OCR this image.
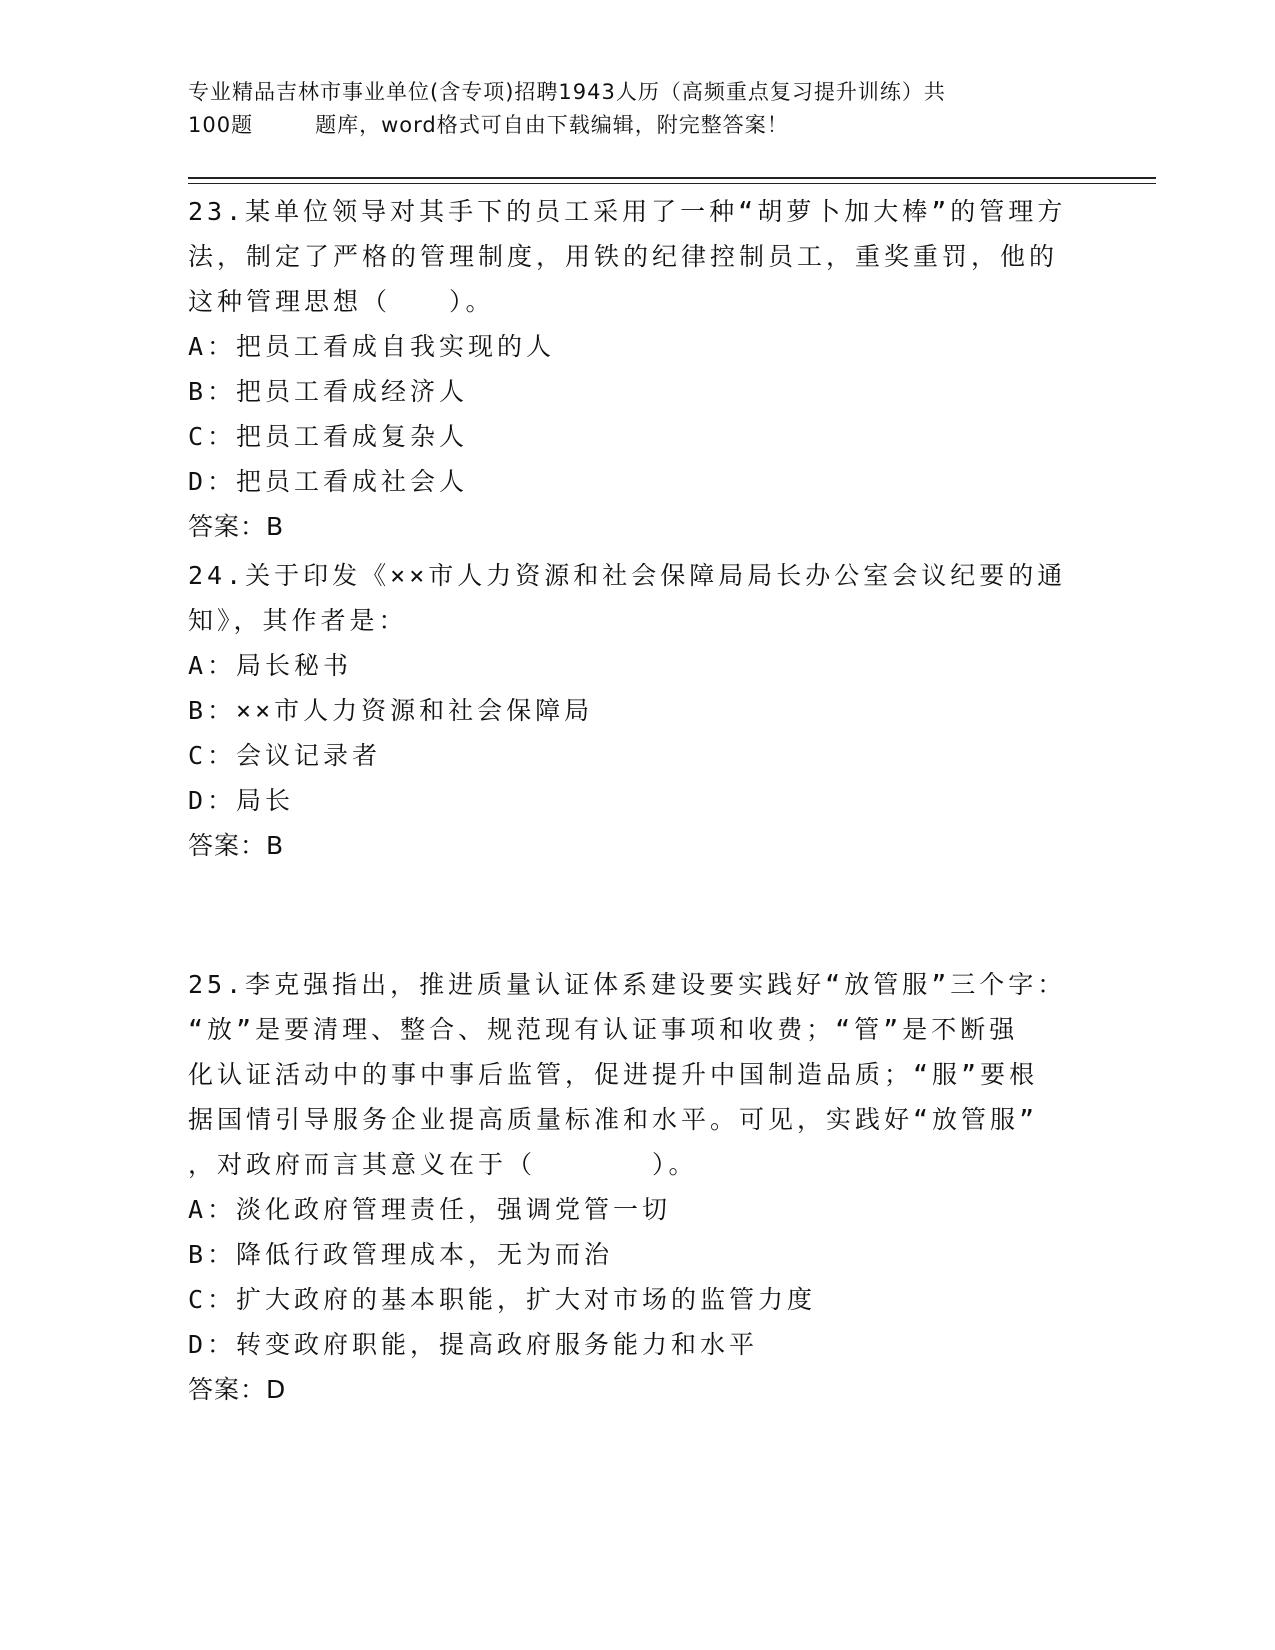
专业精品吉林市事业单位(含专项)招聘1943人历（高频重点复习提升训练）共
100题	题库，word格式可自由下载编辑，附完整答案！
23.某单位领导对其手下的员工采用了一种“胡萝卜加大棒”的管理方
法，制定了严格的管理制度，用铁的纪律控制员工，重奖重罚，他的
这种管理思想（　　）。
A：把员工看成自我实现的人
B：把员工看成经济人
C：把员工看成复杂人
D：把员工看成社会人
答案：B
24.关于印发《××市人力资源和社会保障局局长办公室会议纪要的通
知》，其作者是：
A：局长秘书
B：××市人力资源和社会保障局
C：会议记录者
D：局长
答案：B
25.李克强指出，推进质量认证体系建设要实践好“放管服”三个字：
“放”是要清理、整合、规范现有认证事项和收费；“管”是不断强
化认证活动中的事中事后监管，促进提升中国制造品质；“服”要根
据国情引导服务企业提高质量标准和水平。可见，实践好“放管服”
，对政府而言其意义在于（　　　　）。
A：淡化政府管理责任，强调党管一切
B：降低行政管理成本，无为而治
C：扩大政府的基本职能，扩大对市场的监管力度
D：转变政府职能，提高政府服务能力和水平
答案：D
